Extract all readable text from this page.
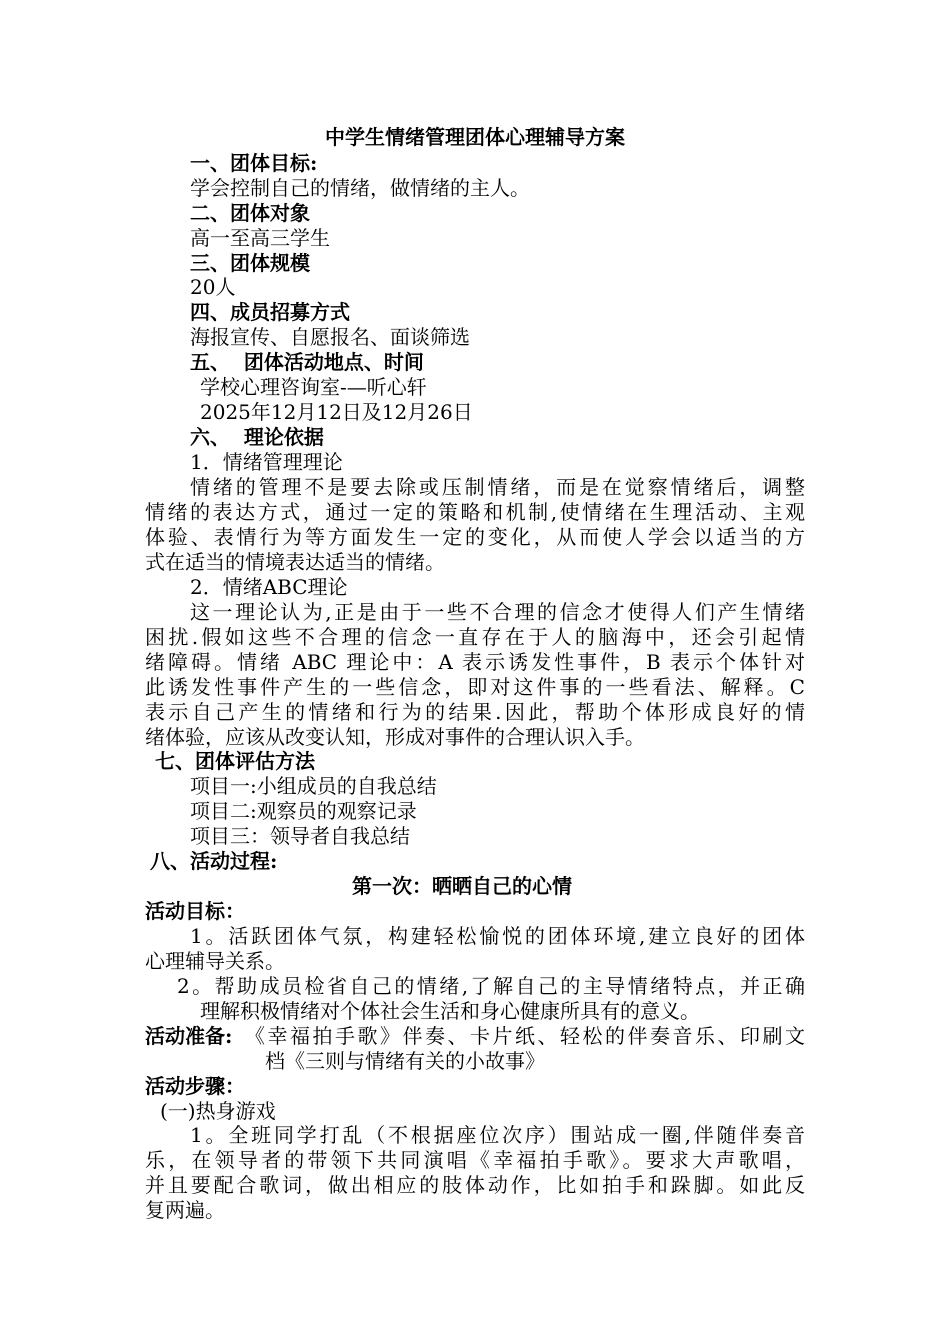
中学生情绪管理团体心理辅导方案
一、团体目标:
学会控制自己的情绪，做情绪的主人。
二、团体对象
高一至高三学生
三、团体规模
20人
四、成员招募方式
海报宣传、自愿报名、面谈筛选
五、  团体活动地点、时间
学校心理咨询室-—听心轩
2025年12月12日及12月26日
六、  理论依据
1．情绪管理理论
情绪的管理不是要去除或压制情绪，而是在觉察情绪后，调整
情绪的表达方式，通过一定的策略和机制,使情绪在生理活动、主观
体验、表情行为等方面发生一定的变化，从而使人学会以适当的方
式在适当的情境表达适当的情绪。
2．情绪ABC理论
这一理论认为,正是由于一些不合理的信念才使得人们产生情绪
困扰.假如这些不合理的信念一直存在于人的脑海中，还会引起情
绪障碍。情绪 ABC 理论中：A 表示诱发性事件，B 表示个体针对
此诱发性事件产生的一些信念，即对这件事的一些看法、解释。C
表示自己产生的情绪和行为的结果.因此，帮助个体形成良好的情
绪体验，应该从改变认知，形成对事件的合理认识入手。
七、团体评估方法
项目一:小组成员的自我总结
项目二:观察员的观察记录
项目三：领导者自我总结
八、活动过程:
第一次：晒晒自己的心情
活动目标：
1。活跃团体气氛，构建轻松愉悦的团体环境,建立良好的团体
心理辅导关系。
2。帮助成员检省自己的情绪,了解自己的主导情绪特点，并正确
理解积极情绪对个体社会生活和身心健康所具有的意义。
活动准备: 《幸福拍手歌》伴奏、卡片纸、轻松的伴奏音乐、印刷文
档《三则与情绪有关的小故事》
活动步骤：
(一)热身游戏
1。全班同学打乱（不根据座位次序）围站成一圈,伴随伴奏音
乐，在领导者的带领下共同演唱《幸福拍手歌》。要求大声歌唱，
并且要配合歌词，做出相应的肢体动作，比如拍手和跺脚。如此反
复两遍。
